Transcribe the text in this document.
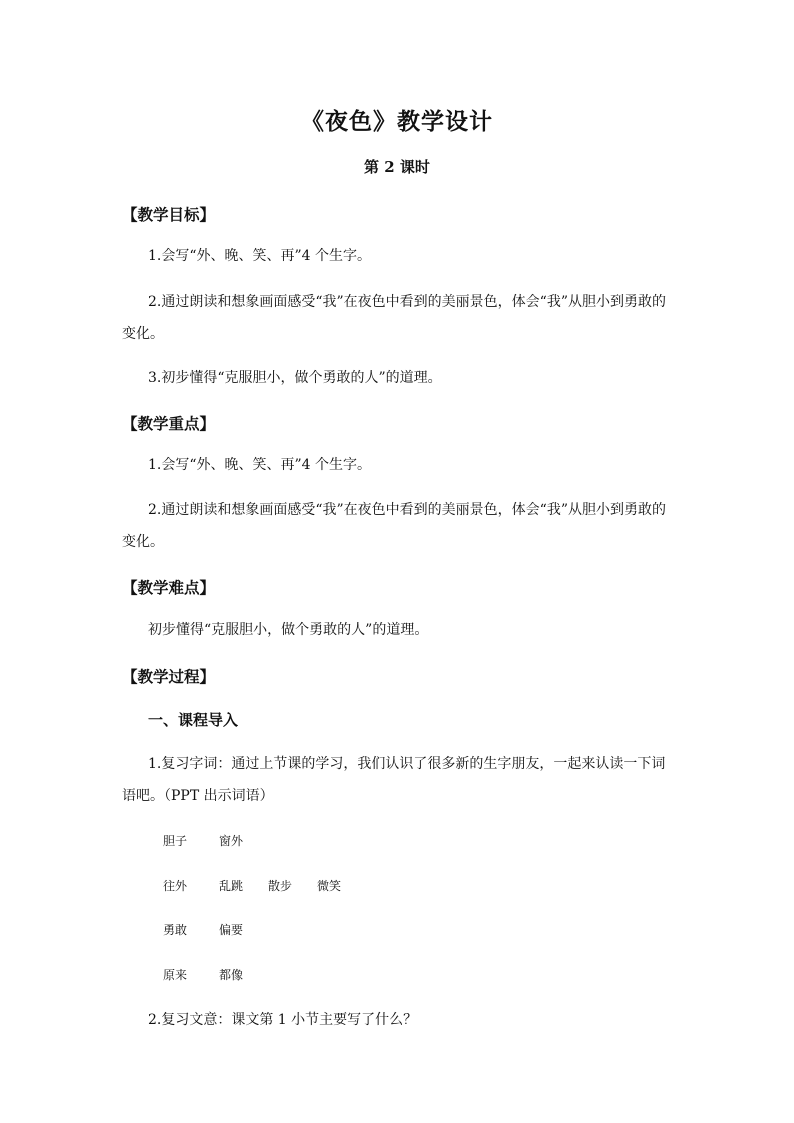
《夜色》教学设计
第 2 课时
【教学目标】

1.会写“外、晚、笑、再”4 个生字。

2.通过朗读和想象画面感受“我”在夜色中看到的美丽景色，体会“我”从胆小到勇敢的变化。

3.初步懂得“克服胆小，做个勇敢的人”的道理。

【教学重点】

1.会写“外、晚、笑、再”4 个生字。

2.通过朗读和想象画面感受“我”在夜色中看到的美丽景色，体会“我”从胆小到勇敢的变化。

【教学难点】

初步懂得“克服胆小，做个勇敢的人”的道理。

【教学过程】
一、课程导入

1.复习字词：通过上节课的学习，我们认识了很多新的生字朋友，一起来认读一下词语吧。（PPT 出示词语）

胆子	窗外
往外	乱跳 散步 微笑
勇敢	偏要
原来	都像

2.复习文意：课文第 1 小节主要写了什么？
